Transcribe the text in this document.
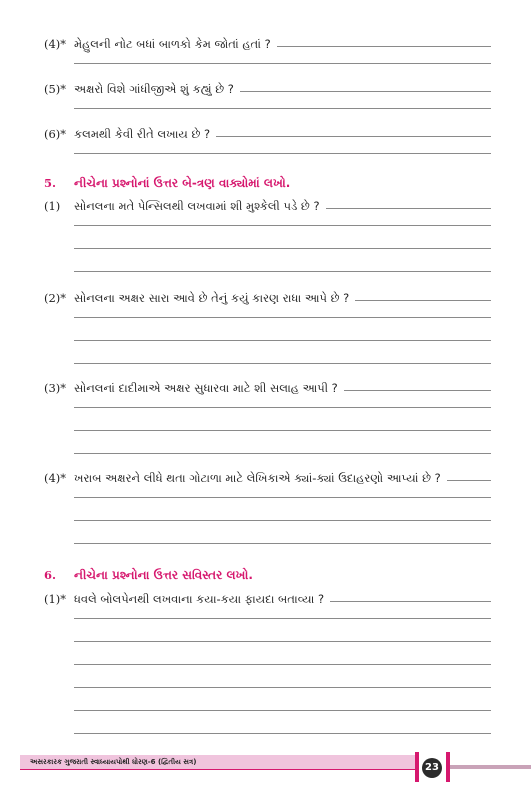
(4)* મેહુલની નોટ બધાં બાળકો કેમ જોતાં હતાં ?
(5)* અક્ષરો વિશે ગાંધીજીએ શું કહ્યું છે ?
(6)* કલમથી કેવી રીતે લખાય છે ?
5.	નીચેના પ્રશ્નોનાં ઉત્તર બે-ત્રણ વાક્યોમાં લખો.
(1)	સોનલના મતે પેન્સિલથી લખવામાં શી મુશ્કેલી પડે છે ?
(2)* સોનલના અક્ષર સારા આવે છે તેનું કયું કારણ રાધા આપે છે ?
(3)* સોનલનાં દાદીમાએ અક્ષર સુધારવા માટે શી સલાહ આપી ?
(4)* ખરાબ અક્ષરને લીધે થતા ગોટાળા માટે લેખિકાએ ક્યાં-ક્યાં ઉદાહરણો આપ્યાં છે ?
6.	નીચેના પ્રશ્નોના ઉત્તર સવિસ્તર લખો.
(1)* ધવલે બોલપેનથી લખવાના કયા-કયા ફાયદા બતાવ્યા ?
અસરકારક ગુજરાતી સ્વાધ્યાયપોથી ધોરણ-6 (દ્વિતીય સત્ર)	23
